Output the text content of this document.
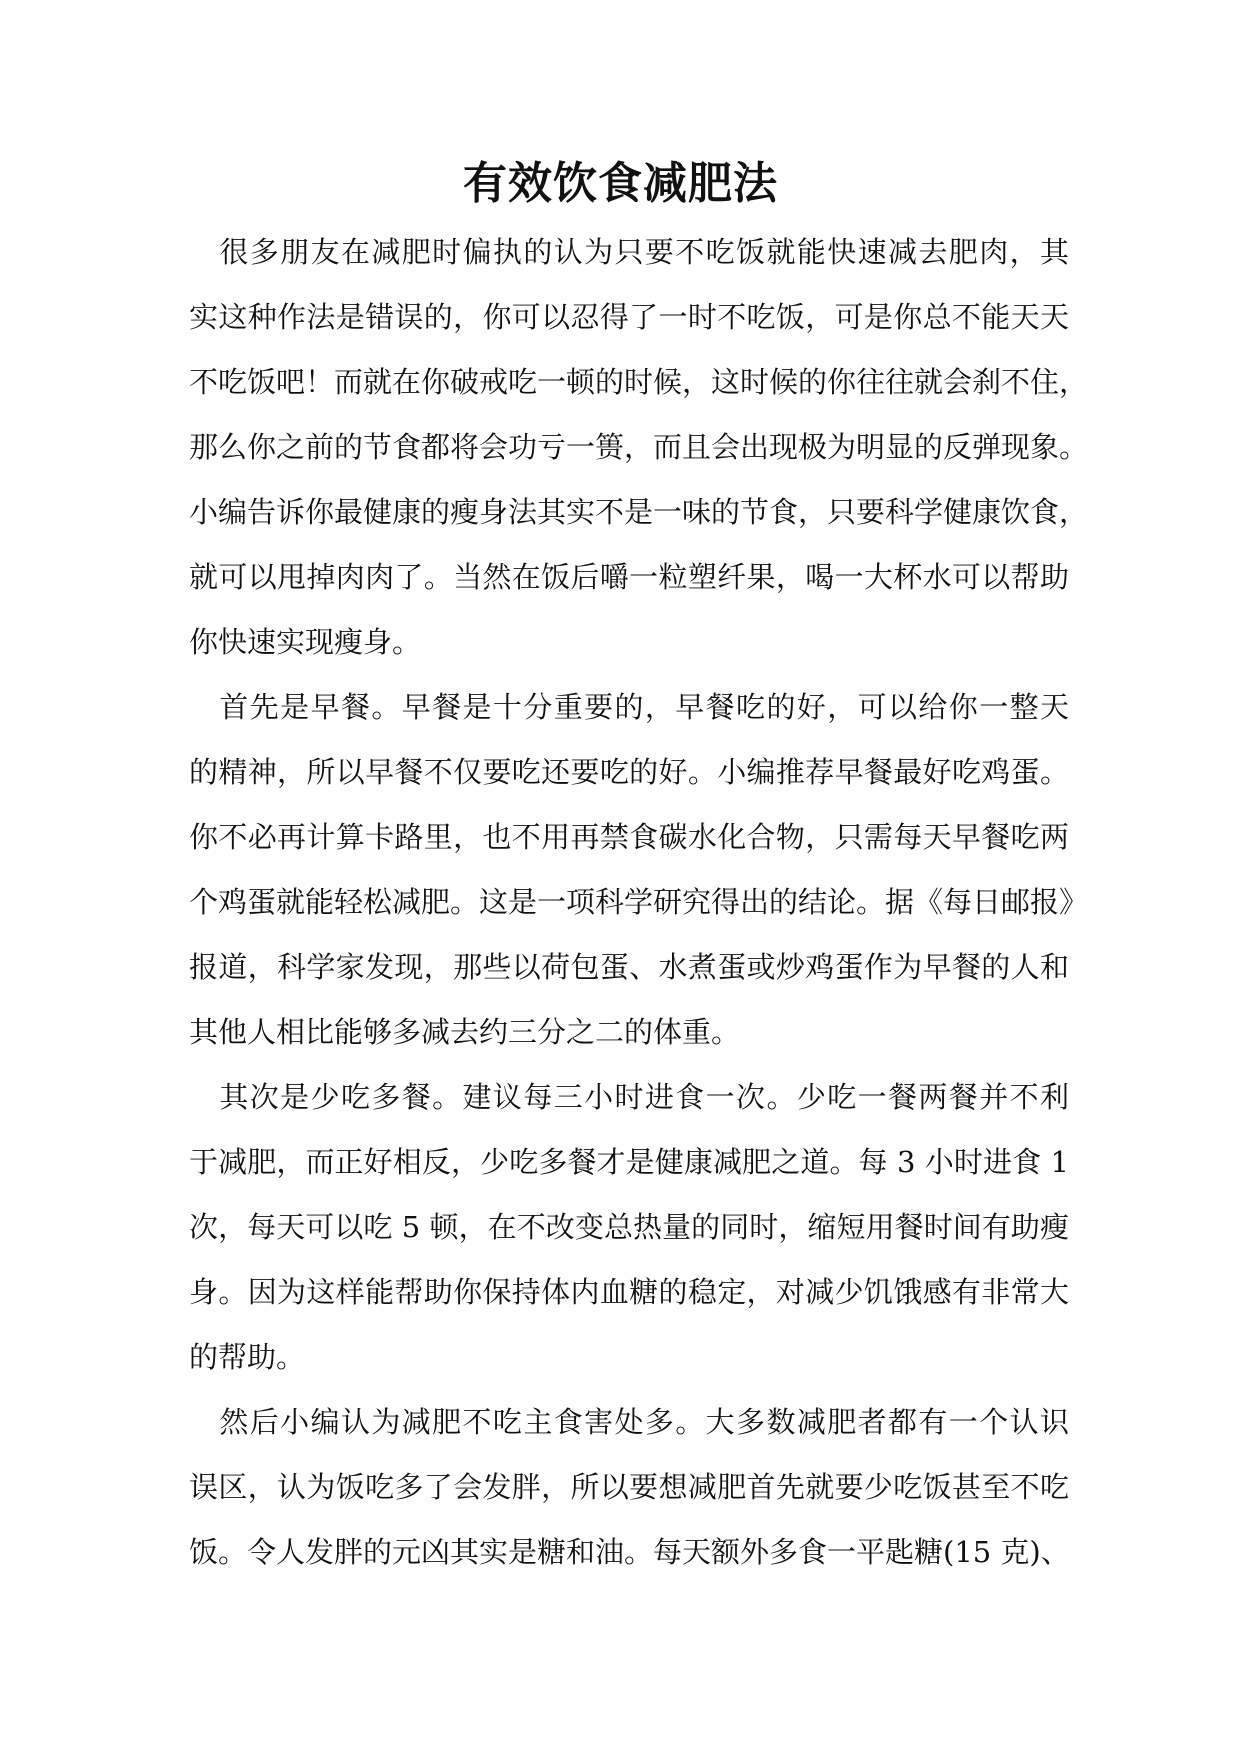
有效饮食减肥法
　很多朋友在减肥时偏执的认为只要不吃饭就能快速减去肥肉，其
实这种作法是错误的，你可以忍得了一时不吃饭，可是你总不能天天
不吃饭吧！而就在你破戒吃一顿的时候，这时候的你往往就会刹不住，
那么你之前的节食都将会功亏一篑，而且会出现极为明显的反弹现象。
小编告诉你最健康的瘦身法其实不是一味的节食，只要科学健康饮食，
就可以甩掉肉肉了。当然在饭后嚼一粒塑纤果，喝一大杯水可以帮助
你快速实现瘦身。
　首先是早餐。早餐是十分重要的，早餐吃的好，可以给你一整天
的精神，所以早餐不仅要吃还要吃的好。小编推荐早餐最好吃鸡蛋。
你不必再计算卡路里，也不用再禁食碳水化合物，只需每天早餐吃两
个鸡蛋就能轻松减肥。这是一项科学研究得出的结论。据《每日邮报》
报道，科学家发现，那些以荷包蛋、水煮蛋或炒鸡蛋作为早餐的人和
其他人相比能够多减去约三分之二的体重。
　其次是少吃多餐。建议每三小时进食一次。少吃一餐两餐并不利
于减肥，而正好相反，少吃多餐才是健康减肥之道。每 3 小时进食 1
次，每天可以吃 5 顿，在不改变总热量的同时，缩短用餐时间有助瘦
身。因为这样能帮助你保持体内血糖的稳定，对减少饥饿感有非常大
的帮助。
　然后小编认为减肥不吃主食害处多。大多数减肥者都有一个认识
误区，认为饭吃多了会发胖，所以要想减肥首先就要少吃饭甚至不吃
饭。令人发胖的元凶其实是糖和油。每天额外多食一平匙糖(15 克)、
